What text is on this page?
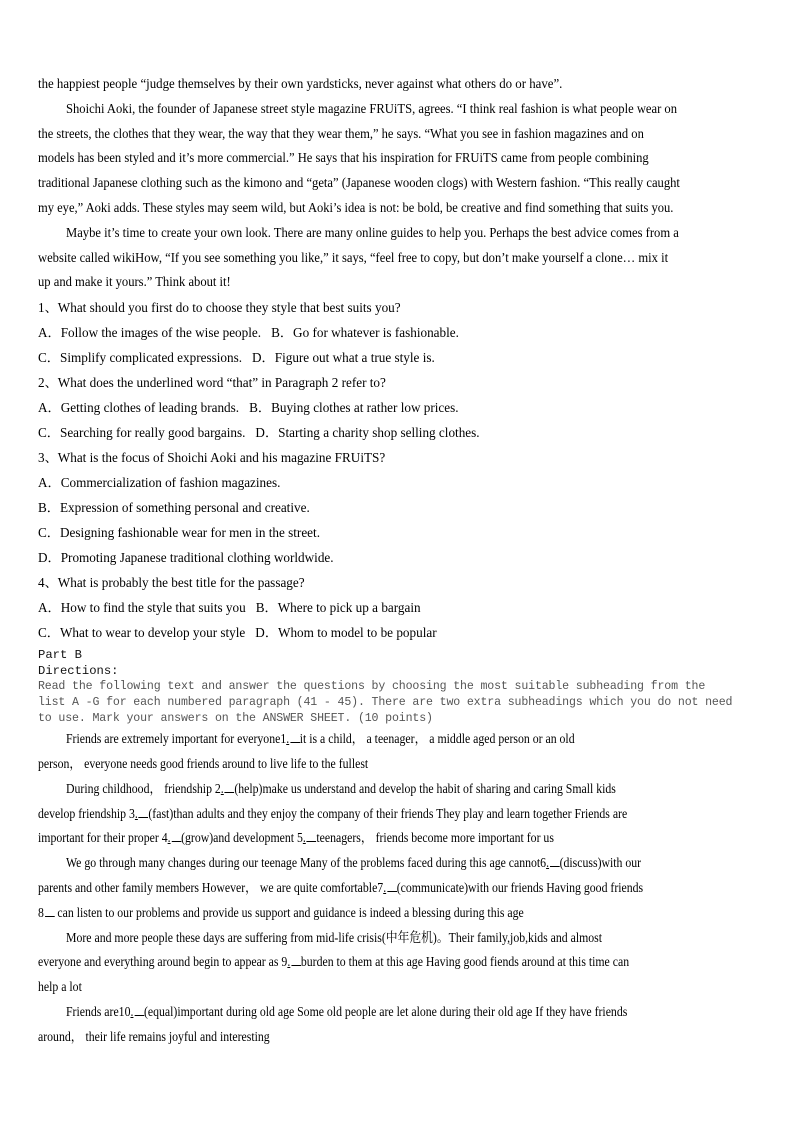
the happiest people “judge themselves by their own yardsticks, never against what others do or have”.

Shoichi Aoki, the founder of Japanese street style magazine FRUiTS, agrees. “I think real fashion is what people wear on

the streets, the clothes that they wear, the way that they wear them,” he says. “What you see in fashion magazines and on

models has been styled and it’s more commercial.” He says that his inspiration for FRUiTS came from people combining

traditional Japanese clothing such as the kimono and “geta” (Japanese wooden clogs) with Western fashion. “This really caught

my eye,” Aoki adds. These styles may seem wild, but Aoki’s idea is not: be bold, be creative and find something that suits you.

Maybe it’s time to create your own look. There are many online guides to help you. Perhaps the best advice comes from a

website called wikiHow, “If you see something you like,” it says, “feel free to copy, but don’t make yourself a clone… mix it

up and make it yours.” Think about it!

1、What should you first do to choose they style that best suits you?

A．Follow the images of the wise people. B．Go for whatever is fashionable.

C．Simplify complicated expressions. D．Figure out what a true style is.

2、What does the underlined word “that” in Paragraph 2 refer to?

A．Getting clothes of leading brands. B．Buying clothes at rather low prices.

C．Searching for really good bargains. D．Starting a charity shop selling clothes.

3、What is the focus of Shoichi Aoki and his magazine FRUiTS?

A．Commercialization of fashion magazines.

B．Expression of something personal and creative.

C．Designing fashionable wear for men in the street.

D．Promoting Japanese traditional clothing worldwide.

4、What is probably the best title for the passage?

A．How to find the style that suits you B．Where to pick up a bargain

C．What to wear to develop your style D．Whom to model to be popular

Part B

Directions:

Read the following text and answer the questions by choosing the most suitable subheading from the

list A -G for each numbered paragraph (41 - 45). There are two extra subheadings which you do not need

to use. Mark your answers on the ANSWER SHEET. (10 points)

Friends are extremely important for everyone1. it is a child， a teenager， a middle aged person or an old

person， everyone needs good friends around to live life to the fullest

During childhood， friendship 2. (help)make us understand and develop the habit of sharing and caring Small kids

develop friendship 3. (fast)than adults and they enjoy the company of their friends They play and learn together Friends are

important for their proper 4. (grow)and development 5. teenagers， friends become more important for us

We go through many changes during our teenage Many of the problems faced during this age cannot6. (discuss)with our

parents and other family members However， we are quite comfortable7. (communicate)with our friends Having good friends

8 can listen to our problems and provide us support and guidance is indeed a blessing during this age

More and more people these days are suffering from mid-life crisis(中年危机)。Their family,job,kids and almost

everyone and everything around begin to appear as 9. burden to them at this age Having good fiends around at this time can

help a lot

Friends are10. (equal)important during old age Some old people are let alone during their old age If they have friends

around， their life remains joyful and interesting
